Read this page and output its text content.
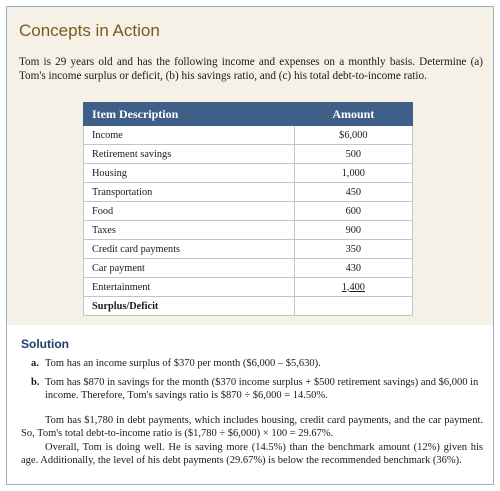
Concepts in Action
Tom is 29 years old and has the following income and expenses on a monthly basis. Determine (a) Tom's income surplus or deficit, (b) his savings ratio, and (c) his total debt-to-income ratio.
Item Description	Amount
Income	$6,000
Retirement savings	500
Housing	1,000
Transportation	450
Food	600
Taxes	900
Credit card payments	350
Car payment	430
Entertainment	1,400
Surplus/Deficit	
Solution
a. Tom has an income surplus of $370 per month ($6,000 – $5,630).
b. Tom has $870 in savings for the month ($370 income surplus + $500 retirement savings) and $6,000 in income. Therefore, Tom's savings ratio is $870 ÷ $6,000 = 14.50%.

Tom has $1,780 in debt payments, which includes housing, credit card payments, and the car payment. So, Tom's total debt-to-income ratio is ($1,780 ÷ $6,000) × 100 = 29.67%.

Overall, Tom is doing well. He is saving more (14.5%) than the benchmark amount (12%) given his age. Additionally, the level of his debt payments (29.67%) is below the recommended benchmark (36%).
